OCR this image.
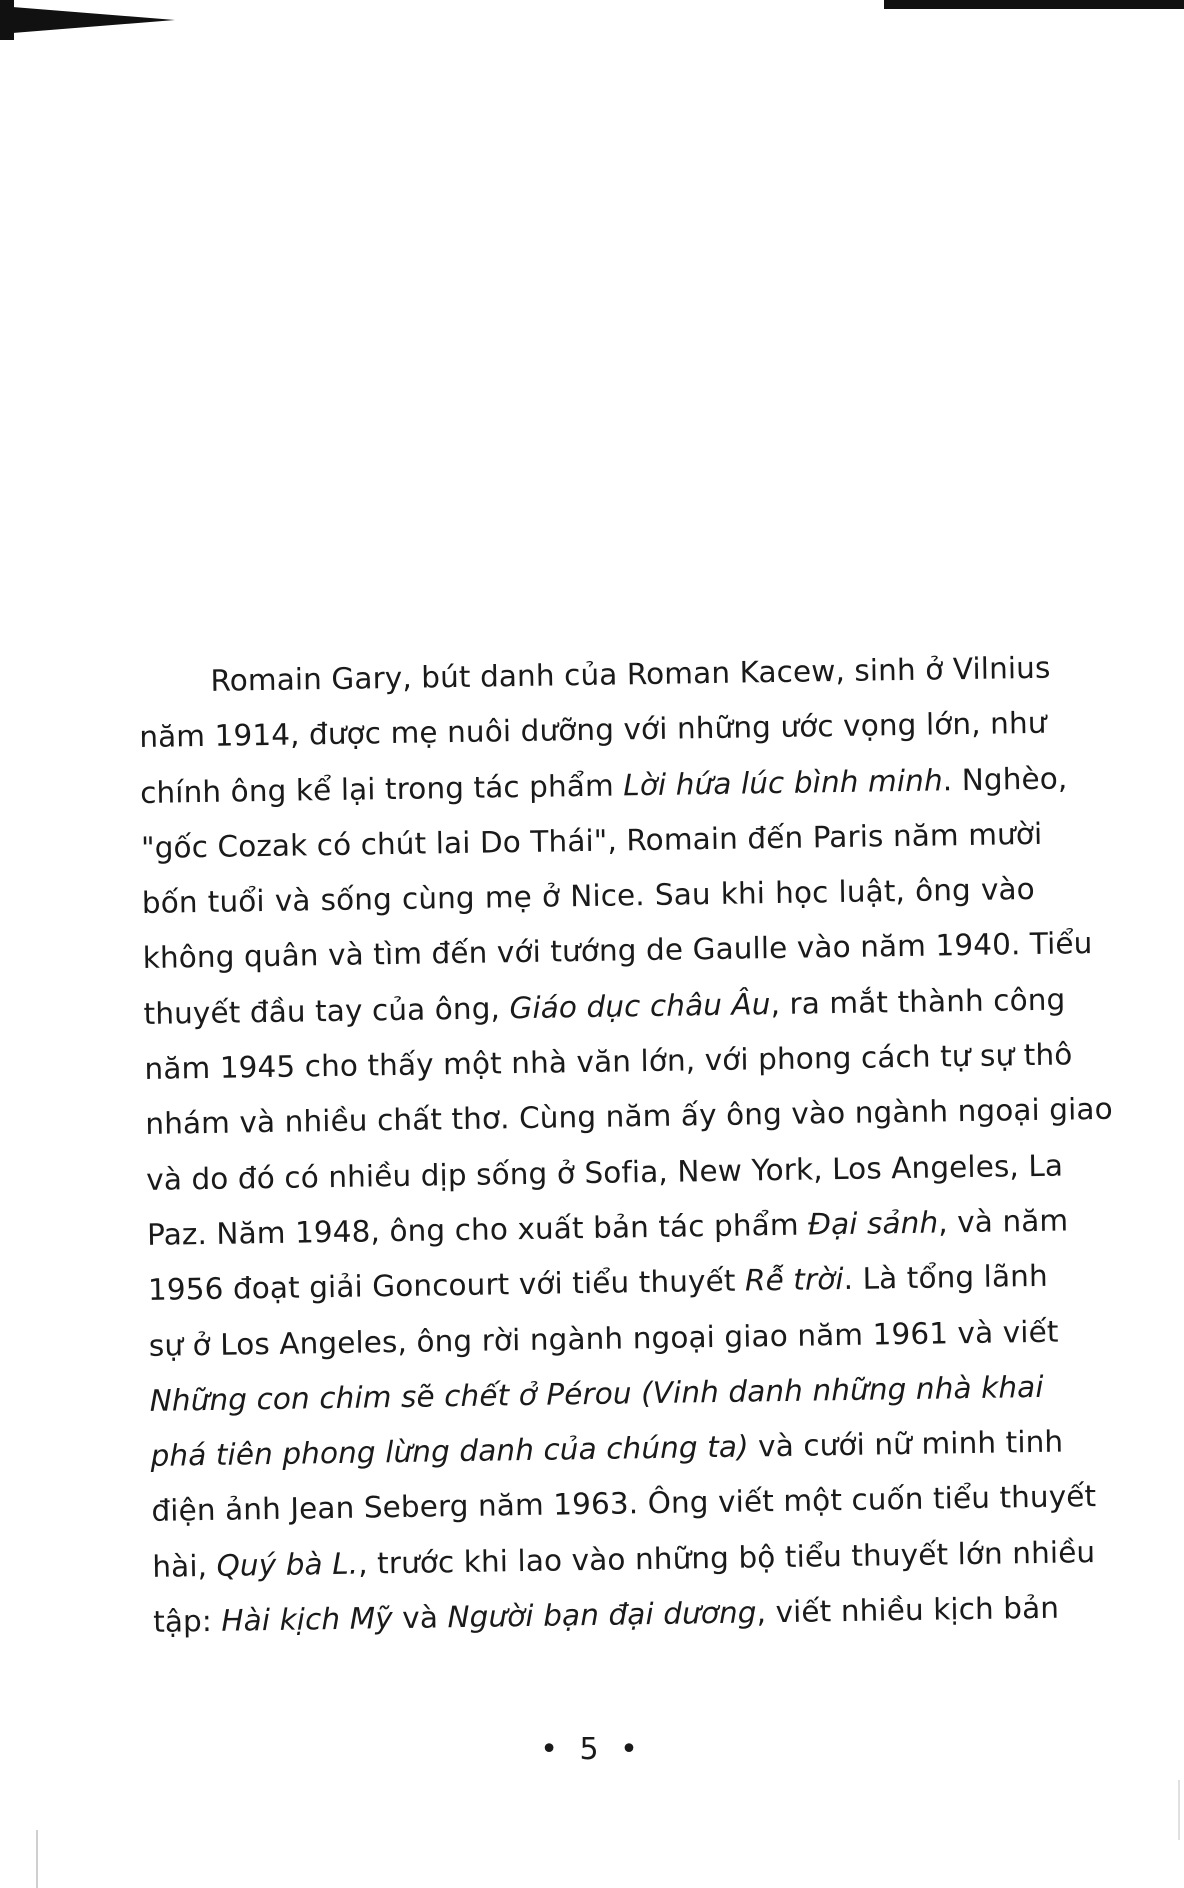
Romain Gary, bút danh của Roman Kacew, sinh ở Vilnius
năm 1914, được mẹ nuôi dưỡng với những ước vọng lớn, như
chính ông kể lại trong tác phẩm Lời hứa lúc bình minh. Nghèo,
"gốc Cozak có chút lai Do Thái", Romain đến Paris năm mười
bốn tuổi và sống cùng mẹ ở Nice. Sau khi học luật, ông vào
không quân và tìm đến với tướng de Gaulle vào năm 1940. Tiểu
thuyết đầu tay của ông, Giáo dục châu Âu, ra mắt thành công
năm 1945 cho thấy một nhà văn lớn, với phong cách tự sự thô
nhám và nhiều chất thơ. Cùng năm ấy ông vào ngành ngoại giao
và do đó có nhiều dịp sống ở Sofia, New York, Los Angeles, La
Paz. Năm 1948, ông cho xuất bản tác phẩm Đại sảnh, và năm
1956 đoạt giải Goncourt với tiểu thuyết Rễ trời. Là tổng lãnh
sự ở Los Angeles, ông rời ngành ngoại giao năm 1961 và viết
Những con chim sẽ chết ở Pérou (Vinh danh những nhà khai
phá tiên phong lừng danh của chúng ta) và cưới nữ minh tinh
điện ảnh Jean Seberg năm 1963. Ông viết một cuốn tiểu thuyết
hài, Quý bà L., trước khi lao vào những bộ tiểu thuyết lớn nhiều
tập: Hài kịch Mỹ và Người bạn đại dương, viết nhiều kịch bản
• 5 •
